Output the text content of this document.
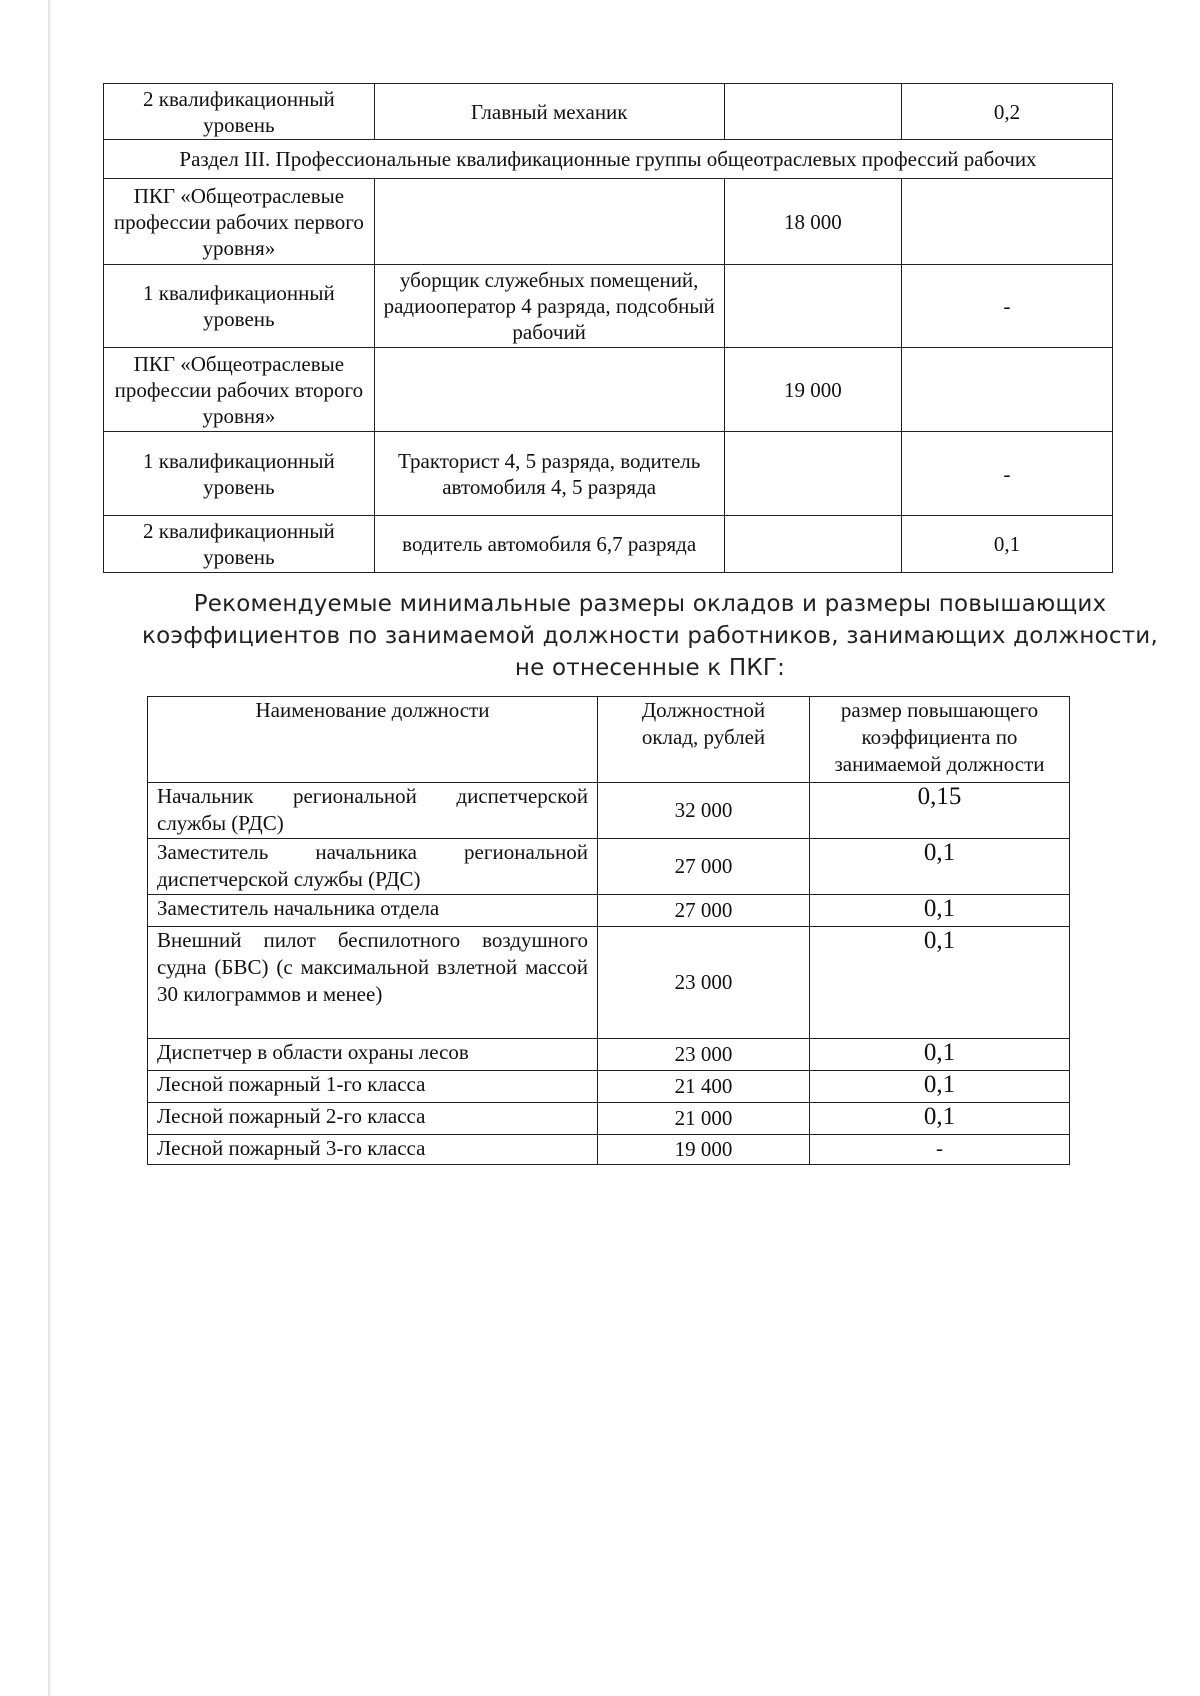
2 квалификационный уровень	Главный механик		0,2
Раздел III. Профессиональные квалификационные группы общеотраслевых профессий рабочих			
ПКГ «Общеотраслевые профессии рабочих первого уровня»		18 000	
1 квалификационный уровень	уборщик служебных помещений, радиооператор 4 разряда, подсобный рабочий		-
ПКГ «Общеотраслевые профессии рабочих второго уровня»		19 000	
1 квалификационный уровень	Тракторист 4, 5 разряда, водитель автомобиля 4, 5 разряда		-
2 квалификационный уровень	водитель автомобиля 6,7 разряда		0,1
Рекомендуемые минимальные размеры окладов и размеры повышающих
коэффициентов по занимаемой должности работников, занимающих должности,
не отнесенные к ПКГ:
Наименование должности	Должностной оклад, рублей	размер повышающего коэффициента по занимаемой должности
Начальник региональной диспетчерской службы (РДС)	32 000	0,15
Заместитель начальника региональной диспетчерской службы (РДС)	27 000	0,1
Заместитель начальника отдела	27 000	0,1
Внешний пилот беспилотного воздушного судна (БВС) (с максимальной взлетной массой 30 килограммов и менее)	23 000	0,1
Диспетчер в области охраны лесов	23 000	0,1
Лесной пожарный 1-го класса	21 400	0,1
Лесной пожарный 2-го класса	21 000	0,1
Лесной пожарный 3-го класса	19 000	-
